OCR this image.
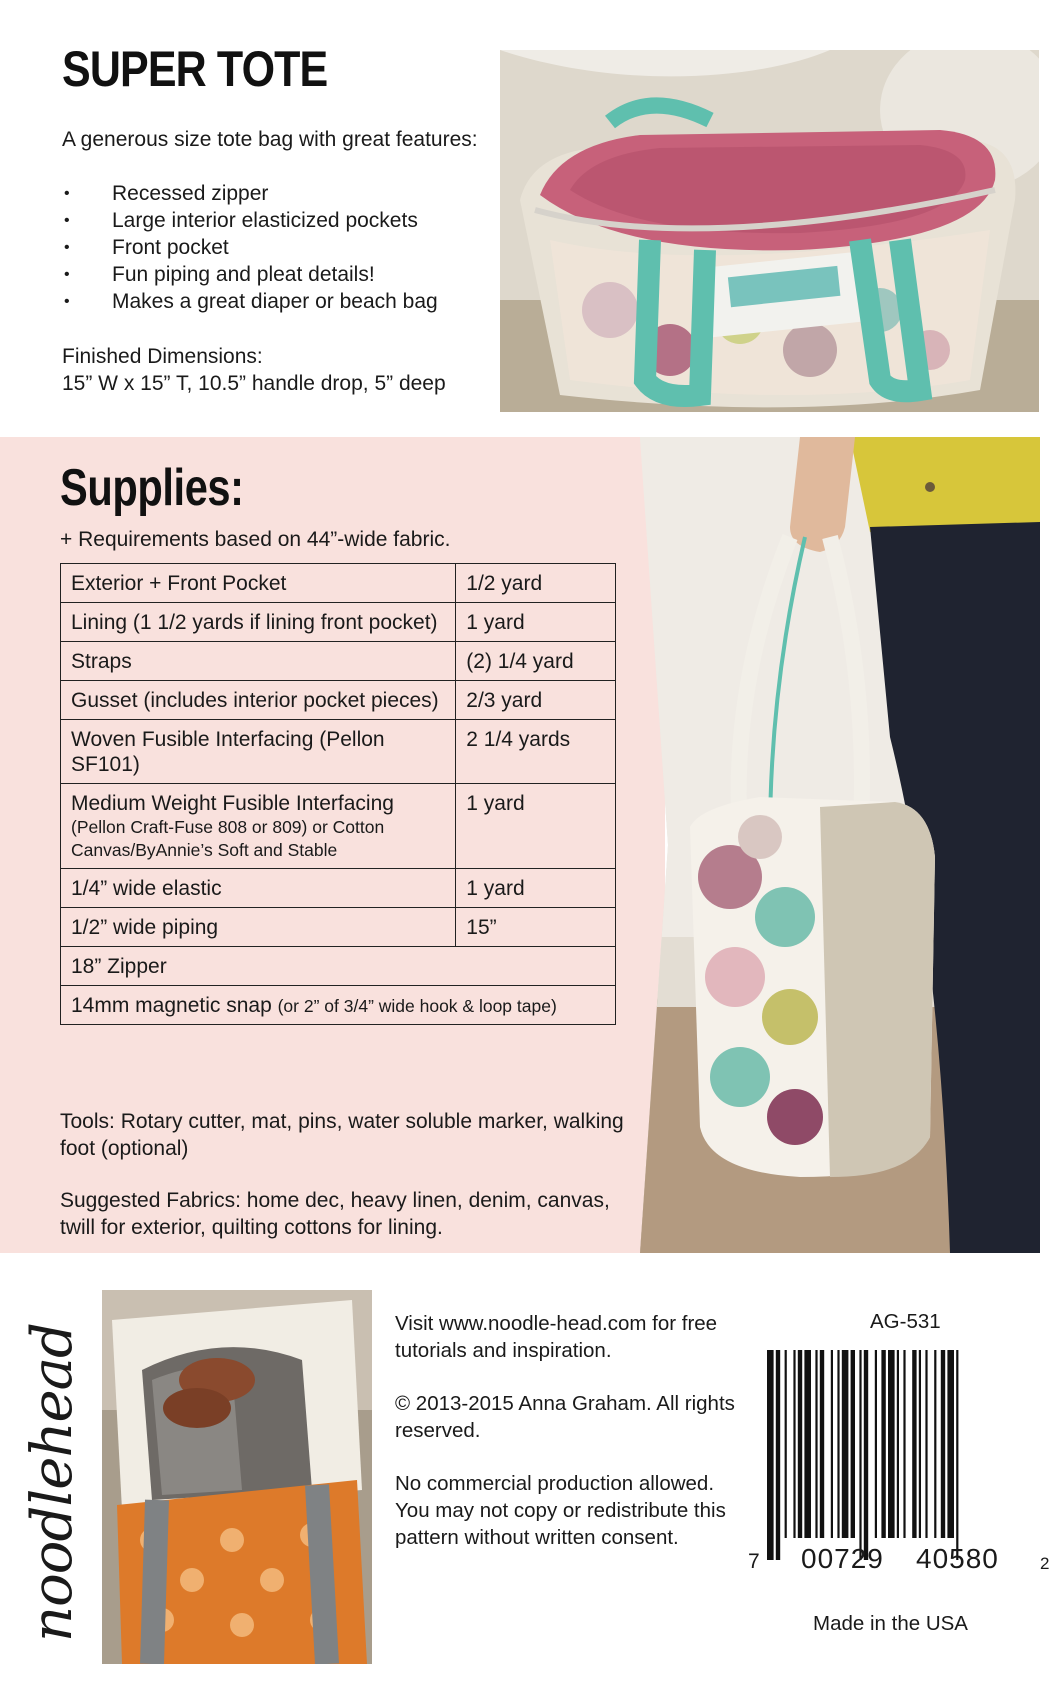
SUPER TOTE
A generous size tote bag with great features:
• Recessed zipper
• Large interior elasticized pockets
• Front pocket
• Fun piping and pleat details!
• Makes a great diaper or beach bag
Finished Dimensions:
15” W x 15” T, 10.5” handle drop, 5” deep
Supplies:
+ Requirements based on 44”-wide fabric.
Exterior + Front Pocket	1/2 yard
Lining (1 1/2 yards if lining front pocket)	1 yard
Straps	(2) 1/4 yard
Gusset (includes interior pocket pieces)	2/3 yard
Woven Fusible Interfacing (Pellon SF101)	2 1/4 yards

Medium Weight Fusible Interfacing
(Pellon Craft-Fuse 808 or 809) or Cotton Canvas/ByAnnie’s Soft and Stable	1 yard
1/4” wide elastic	1 yard
1/2” wide piping	15”
18” Zipper	
14mm magnetic snap (or 2” of 3/4” wide hook & loop tape)	
Tools: Rotary cutter, mat, pins, water soluble marker, walking foot (optional)
Suggested Fabrics: home dec, heavy linen, denim, canvas, twill for exterior, quilting cottons for lining.
noodlehead	Visit www.noodle-head.com for free tutorials and inspiration.
© 2013-2015 Anna Graham. All rights reserved.
No commercial production allowed. You may not copy or redistribute this pattern without written consent.
AG-531
7 00729 40580 2
Made in the USA
